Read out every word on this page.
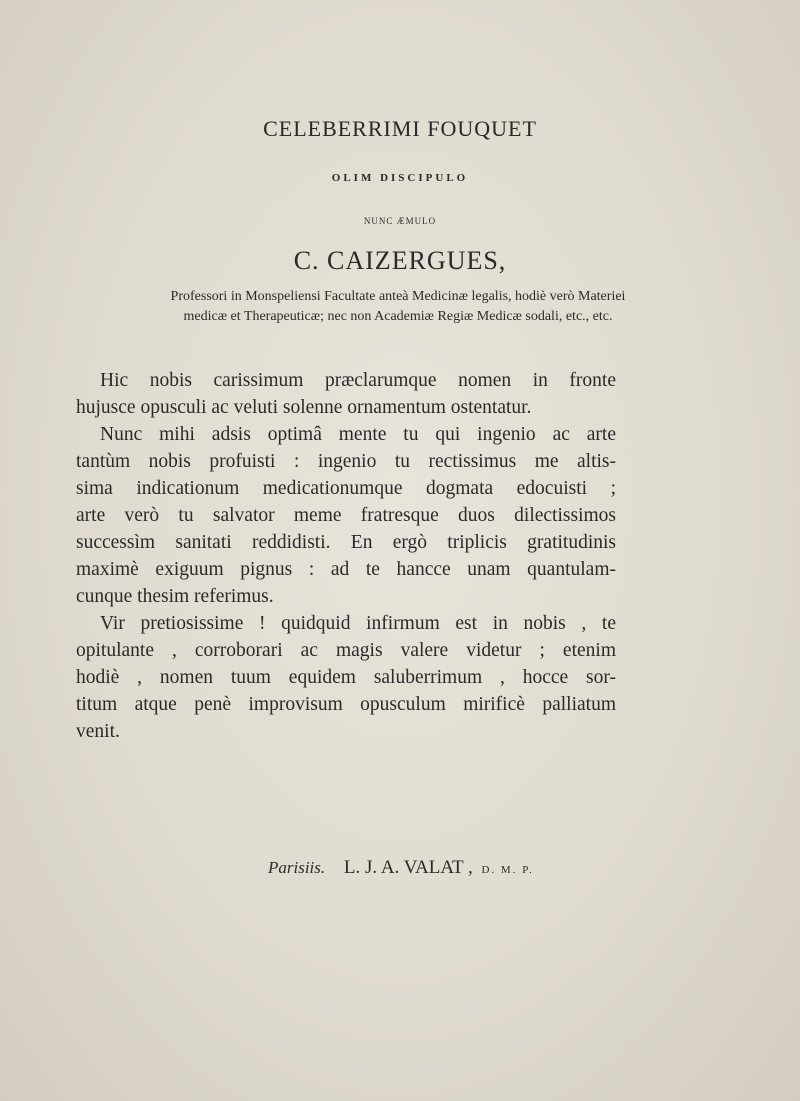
CELEBERRIMI FOUQUET
OLIM DISCIPULO
NUNC ÆMULO
C. CAIZERGUES,
Professori in Monspeliensi Facultate anteà Medicinæ legalis, hodiè verò Materiei
medicæ et Therapeuticæ; nec non Academiæ Regiæ Medicæ sodali, etc., etc.
Hic nobis carissimum præclarumque nomen in fronte
hujusce opusculi ac veluti solenne ornamentum ostentatur.
Nunc mihi adsis optimâ mente tu qui ingenio ac arte
tantùm nobis profuisti : ingenio tu rectissimus me altis-
sima indicationum medicationumque dogmata edocuisti ;
arte verò tu salvator meme fratresque duos dilectissimos
successìm sanitati reddidisti. En ergò triplicis gratitudinis
maximè exiguum pignus : ad te hancce unam quantulam-
cunque thesim referimus.
Vir pretiosissime ! quidquid infirmum est in nobis , te
opitulante , corroborari ac magis valere videtur ; etenim
hodiè , nomen tuum equidem saluberrimum , hocce sor-
titum atque penè improvisum opusculum mirificè palliatum
venit.
Parisiis. L. J. A. VALAT , D. M. P.
